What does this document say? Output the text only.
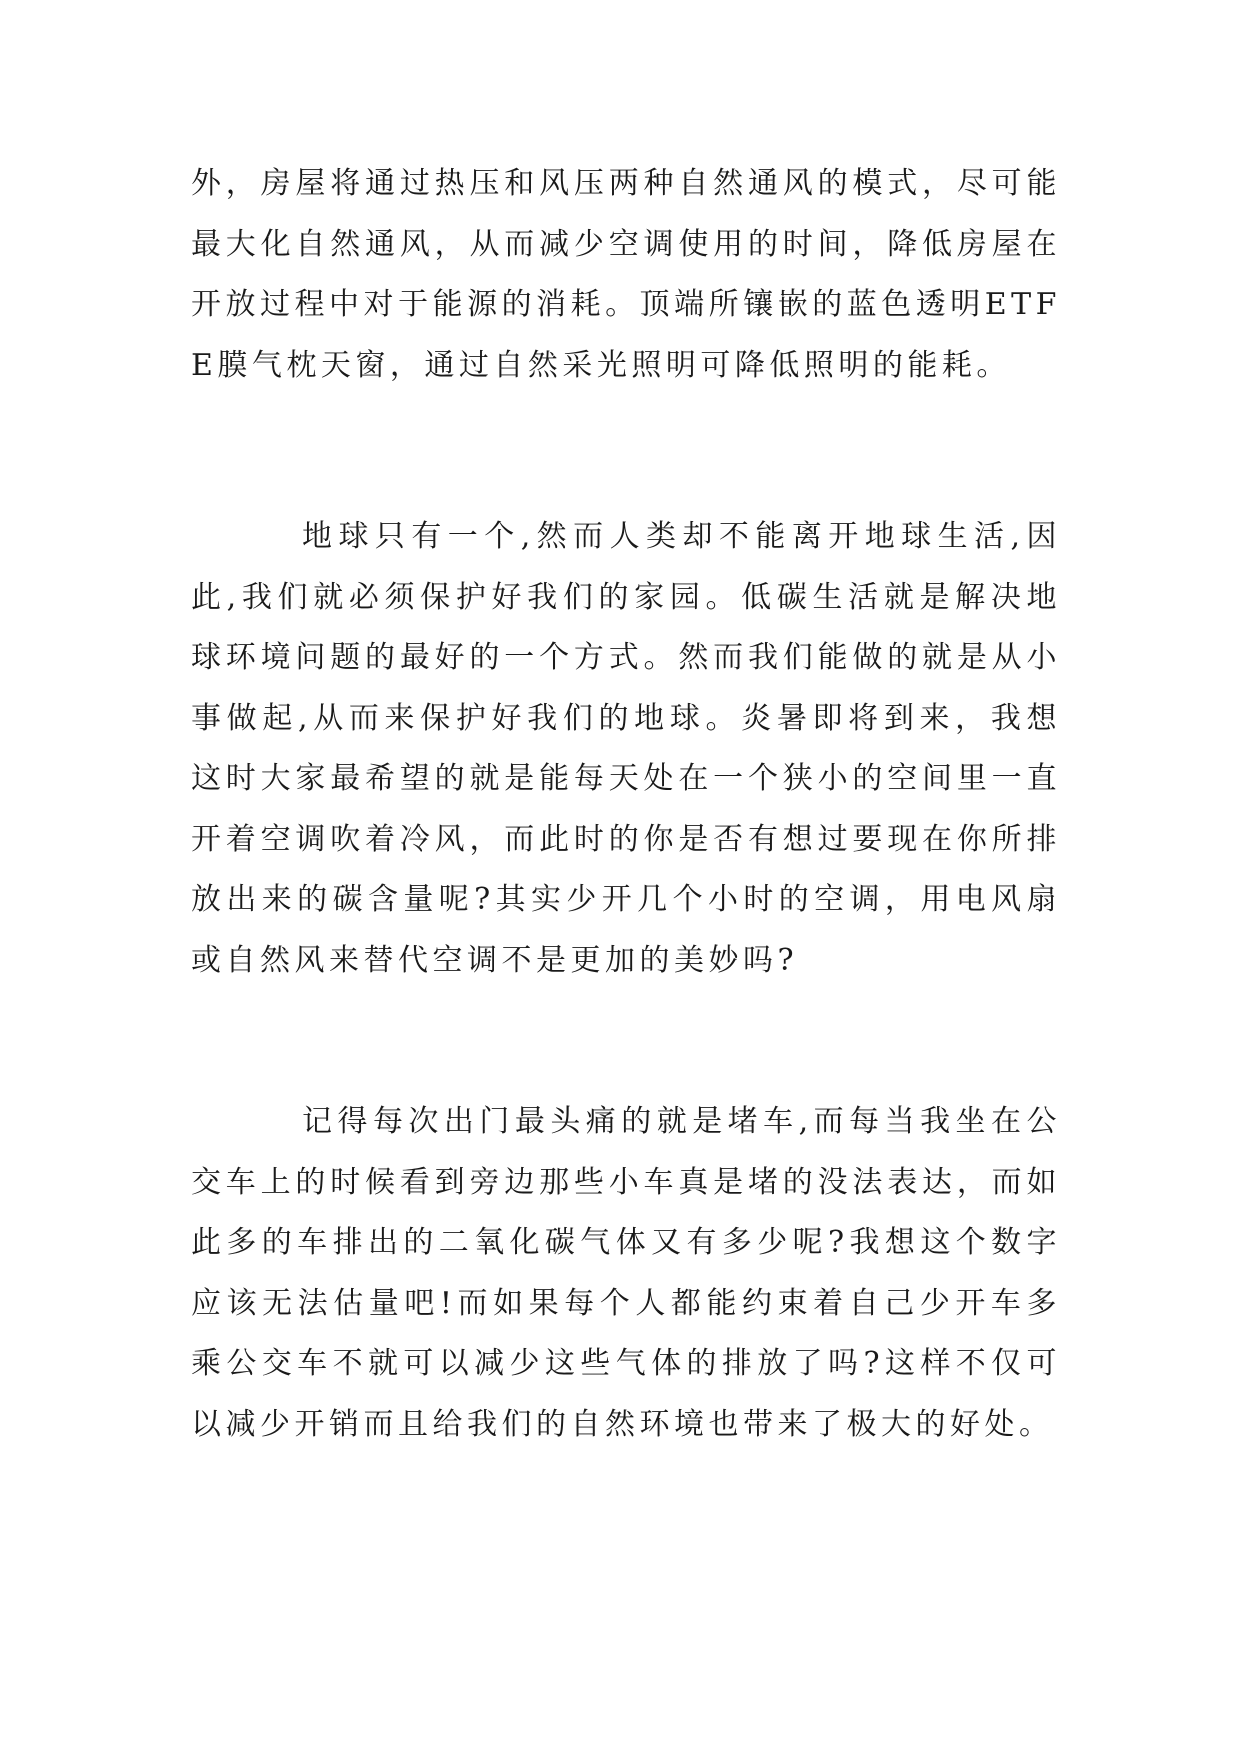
外，房屋将通过热压和风压两种自然通风的模式，尽可能最大化自然通风，从而减少空调使用的时间，降低房屋在开放过程中对于能源的消耗。顶端所镶嵌的蓝色透明ETFE膜气枕天窗，通过自然采光照明可降低照明的能耗。

地球只有一个,然而人类却不能离开地球生活,因此,我们就必须保护好我们的家园。低碳生活就是解决地球环境问题的最好的一个方式。然而我们能做的就是从小事做起,从而来保护好我们的地球。炎暑即将到来，我想这时大家最希望的就是能每天处在一个狭小的空间里一直开着空调吹着冷风，而此时的你是否有想过要现在你所排放出来的碳含量呢?其实少开几个小时的空调，用电风扇或自然风来替代空调不是更加的美妙吗?

记得每次出门最头痛的就是堵车,而每当我坐在公交车上的时候看到旁边那些小车真是堵的没法表达，而如此多的车排出的二氧化碳气体又有多少呢?我想这个数字应该无法估量吧!而如果每个人都能约束着自己少开车多乘公交车不就可以减少这些气体的排放了吗?这样不仅可以减少开销而且给我们的自然环境也带来了极大的好处。
